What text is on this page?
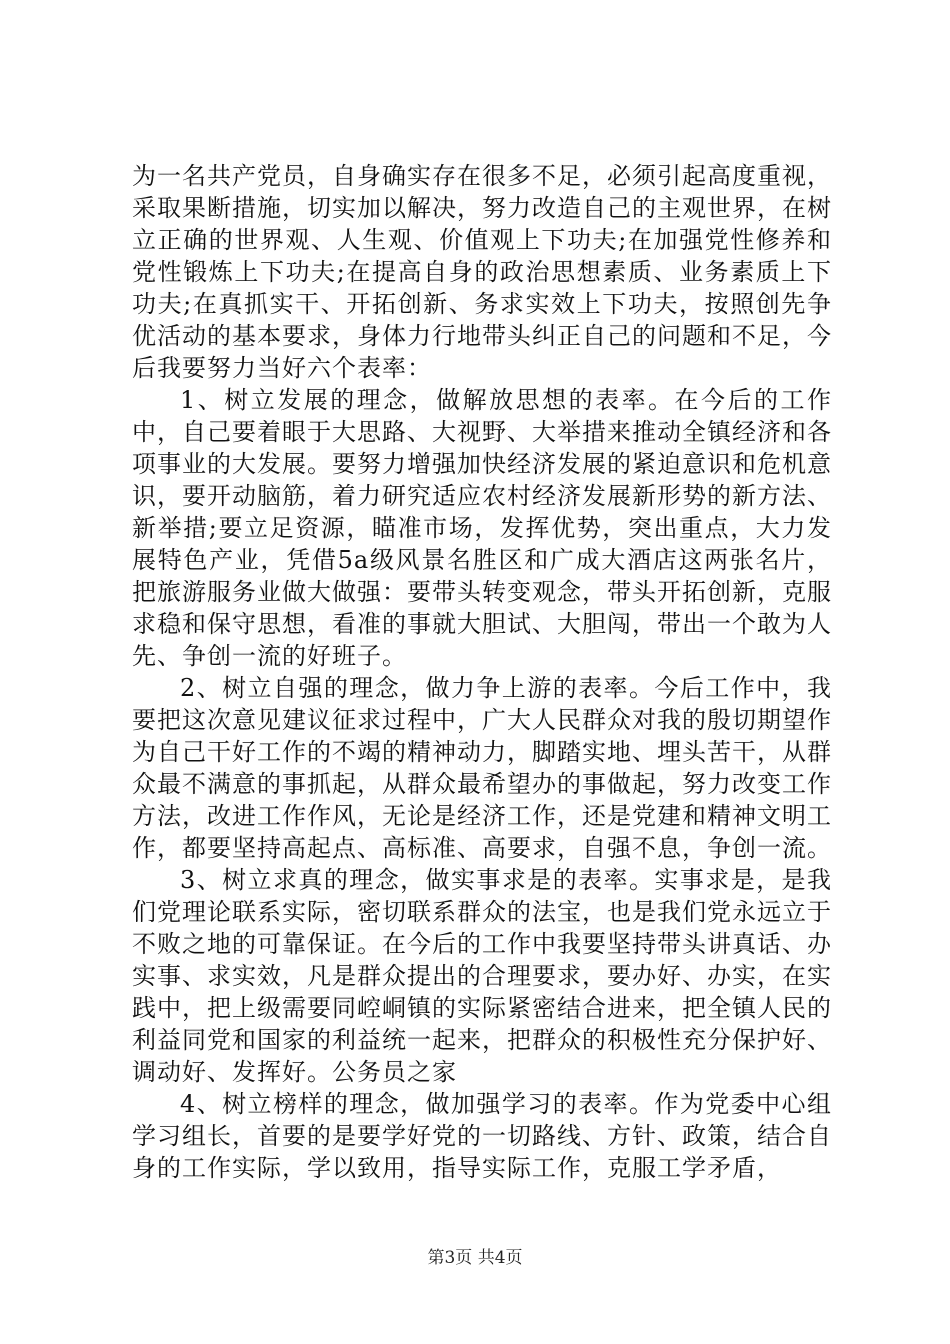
为一名共产党员，自身确实存在很多不足，必须引起高度重视，采取果断措施，切实加以解决，努力改造自己的主观世界，在树立正确的世界观、人生观、价值观上下功夫;在加强党性修养和党性锻炼上下功夫;在提高自身的政治思想素质、业务素质上下功夫;在真抓实干、开拓创新、务求实效上下功夫，按照创先争优活动的基本要求，身体力行地带头纠正自己的问题和不足，今后我要努力当好六个表率：

1、树立发展的理念，做解放思想的表率。在今后的工作中，自己要着眼于大思路、大视野、大举措来推动全镇经济和各项事业的大发展。要努力增强加快经济发展的紧迫意识和危机意识，要开动脑筋，着力研究适应农村经济发展新形势的新方法、新举措;要立足资源，瞄准市场，发挥优势，突出重点，大力发展特色产业，凭借5a级风景名胜区和广成大酒店这两张名片，把旅游服务业做大做强：要带头转变观念，带头开拓创新，克服求稳和保守思想，看准的事就大胆试、大胆闯，带出一个敢为人先、争创一流的好班子。

2、树立自强的理念，做力争上游的表率。今后工作中，我要把这次意见建议征求过程中，广大人民群众对我的殷切期望作为自己干好工作的不竭的精神动力，脚踏实地、埋头苦干，从群众最不满意的事抓起，从群众最希望办的事做起，努力改变工作方法，改进工作作风，无论是经济工作，还是党建和精神文明工作，都要坚持高起点、高标准、高要求，自强不息，争创一流。

3、树立求真的理念，做实事求是的表率。实事求是，是我们党理论联系实际，密切联系群众的法宝，也是我们党永远立于不败之地的可靠保证。在今后的工作中我要坚持带头讲真话、办实事、求实效，凡是群众提出的合理要求，要办好、办实，在实践中，把上级需要同崆峒镇的实际紧密结合进来，把全镇人民的利益同党和国家的利益统一起来，把群众的积极性充分保护好、调动好、发挥好。公务员之家

4、树立榜样的理念，做加强学习的表率。作为党委中心组学习组长，首要的是要学好党的一切路线、方针、政策，结合自身的工作实际，学以致用，指导实际工作，克服工学矛盾，

第3页 共4页
